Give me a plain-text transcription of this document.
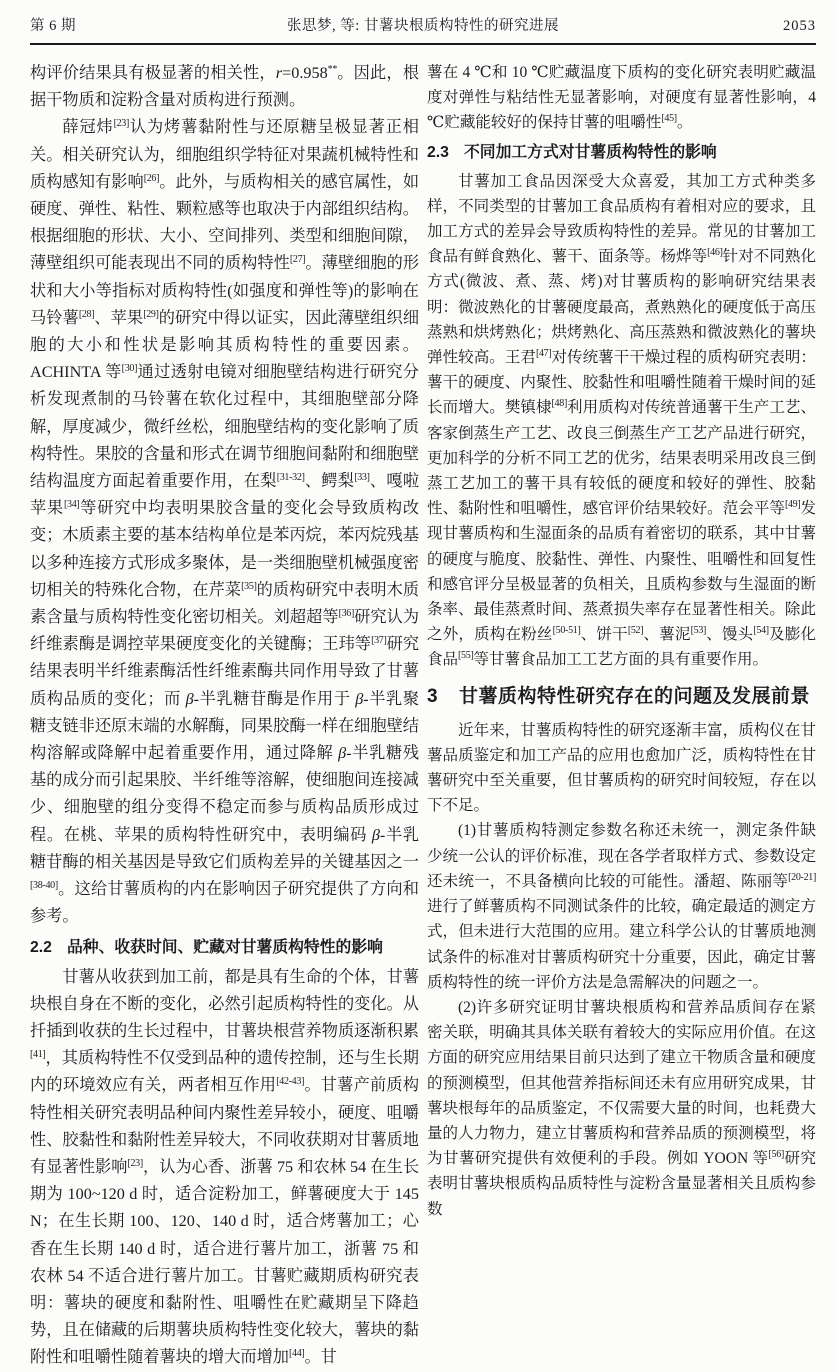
第 6 期	张思梦, 等: 甘薯块根质构特性的研究进展	2053

构评价结果具有极显著的相关性，r=0.958**。因此，根据干物质和淀粉含量对质构进行预测。

薛冠炜[23]认为烤薯黏附性与还原糖呈极显著正相关。相关研究认为，细胞组织学特征对果蔬机械特性和质构感知有影响[26]。此外，与质构相关的感官属性，如硬度、弹性、粘性、颗粒感等也取决于内部组织结构。根据细胞的形状、大小、空间排列、类型和细胞间隙，薄壁组织可能表现出不同的质构特性[27]。薄壁细胞的形状和大小等指标对质构特性(如强度和弹性等)的影响在马铃薯[28]、苹果[29]的研究中得以证实，因此薄壁组织细胞的大小和性状是影响其质构特性的重要因素。ACHINTA 等[30]通过透射电镜对细胞壁结构进行研究分析发现煮制的马铃薯在软化过程中，其细胞壁部分降解，厚度减少，微纤丝松，细胞壁结构的变化影响了质构特性。果胶的含量和形式在调节细胞间黏附和细胞壁结构温度方面起着重要作用，在梨[31-32]、鳄梨[33]、嘎啦苹果[34]等研究中均表明果胶含量的变化会导致质构改变；木质素主要的基本结构单位是苯丙烷，苯丙烷残基以多种连接方式形成多聚体，是一类细胞壁机械强度密切相关的特殊化合物，在芹菜[35]的质构研究中表明木质素含量与质构特性变化密切相关。刘超超等[36]研究认为纤维素酶是调控苹果硬度变化的关键酶；王玮等[37]研究结果表明半纤维素酶活性纤维素酶共同作用导致了甘薯质构品质的变化；而 β-半乳糖苷酶是作用于 β-半乳聚糖支链非还原末端的水解酶，同果胶酶一样在细胞壁结构溶解或降解中起着重要作用，通过降解 β-半乳糖残基的成分而引起果胶、半纤维等溶解，使细胞间连接减少、细胞壁的组分变得不稳定而参与质构品质形成过程。在桃、苹果的质构特性研究中，表明编码 β-半乳糖苷酶的相关基因是导致它们质构差异的关键基因之一[38-40]。这给甘薯质构的内在影响因子研究提供了方向和参考。

2.2 品种、收获时间、贮藏对甘薯质构特性的影响

甘薯从收获到加工前，都是具有生命的个体，甘薯块根自身在不断的变化，必然引起质构特性的变化。从扦插到收获的生长过程中，甘薯块根营养物质逐渐积累[41]，其质构特性不仅受到品种的遗传控制，还与生长期内的环境效应有关，两者相互作用[42-43]。甘薯产前质构特性相关研究表明品种间内聚性差异较小，硬度、咀嚼性、胶黏性和黏附性差异较大，不同收获期对甘薯质地有显著性影响[23]，认为心香、浙薯 75 和农林 54 在生长期为 100~120 d 时，适合淀粉加工，鲜薯硬度大于 145 N；在生长期 100、120、140 d 时，适合烤薯加工；心香在生长期 140 d 时，适合进行薯片加工，浙薯 75 和农林 54 不适合进行薯片加工。甘薯贮藏期质构研究表明：薯块的硬度和黏附性、咀嚼性在贮藏期呈下降趋势，且在储藏的后期薯块质构特性变化较大，薯块的黏附性和咀嚼性随着薯块的增大而增加[44]。甘

薯在 4 ℃和 10 ℃贮藏温度下质构的变化研究表明贮藏温度对弹性与粘结性无显著影响，对硬度有显著性影响，4 ℃贮藏能较好的保持甘薯的咀嚼性[45]。

2.3 不同加工方式对甘薯质构特性的影响

甘薯加工食品因深受大众喜爱，其加工方式种类多样，不同类型的甘薯加工食品质构有着相对应的要求，且加工方式的差异会导致质构特性的差异。常见的甘薯加工食品有鲜食熟化、薯干、面条等。杨烨等[46]针对不同熟化方式(微波、煮、蒸、烤)对甘薯质构的影响研究结果表明：微波熟化的甘薯硬度最高，煮熟熟化的硬度低于高压蒸熟和烘烤熟化；烘烤熟化、高压蒸熟和微波熟化的薯块弹性较高。王君[47]对传统薯干干燥过程的质构研究表明：薯干的硬度、内聚性、胶黏性和咀嚼性随着干燥时间的延长而增大。樊镇棣[48]利用质构对传统普通薯干生产工艺、客家倒蒸生产工艺、改良三倒蒸生产工艺产品进行研究，更加科学的分析不同工艺的优劣，结果表明采用改良三倒蒸工艺加工的薯干具有较低的硬度和较好的弹性、胶黏性、黏附性和咀嚼性，感官评价结果较好。范会平等[49]发现甘薯质构和生湿面条的品质有着密切的联系，其中甘薯的硬度与脆度、胶黏性、弹性、内聚性、咀嚼性和回复性和感官评分呈极显著的负相关，且质构参数与生湿面的断条率、最佳蒸煮时间、蒸煮损失率存在显著性相关。除此之外，质构在粉丝[50-51]、饼干[52]、薯泥[53]、馒头[54]及膨化食品[55]等甘薯食品加工工艺方面的具有重要作用。

3 甘薯质构特性研究存在的问题及发展前景

近年来，甘薯质构特性的研究逐渐丰富，质构仪在甘薯品质鉴定和加工产品的应用也愈加广泛，质构特性在甘薯研究中至关重要，但甘薯质构的研究时间较短，存在以下不足。

(1)甘薯质构特测定参数名称还未统一，测定条件缺少统一公认的评价标准，现在各学者取样方式、参数设定还未统一，不具备横向比较的可能性。潘超、陈丽等[20-21]进行了鲜薯质构不同测试条件的比较，确定最适的测定方式，但未进行大范围的应用。建立科学公认的甘薯质地测试条件的标准对甘薯质构研究十分重要，因此，确定甘薯质构特性的统一评价方法是急需解决的问题之一。

(2)许多研究证明甘薯块根质构和营养品质间存在紧密关联，明确其具体关联有着较大的实际应用价值。在这方面的研究应用结果目前只达到了建立干物质含量和硬度的预测模型，但其他营养指标间还未有应用研究成果，甘薯块根每年的品质鉴定，不仅需要大量的时间，也耗费大量的人力物力，建立甘薯质构和营养品质的预测模型，将为甘薯研究提供有效便利的手段。例如 YOON 等[56]研究表明甘薯块根质构品质特性与淀粉含量显著相关且质构参数
